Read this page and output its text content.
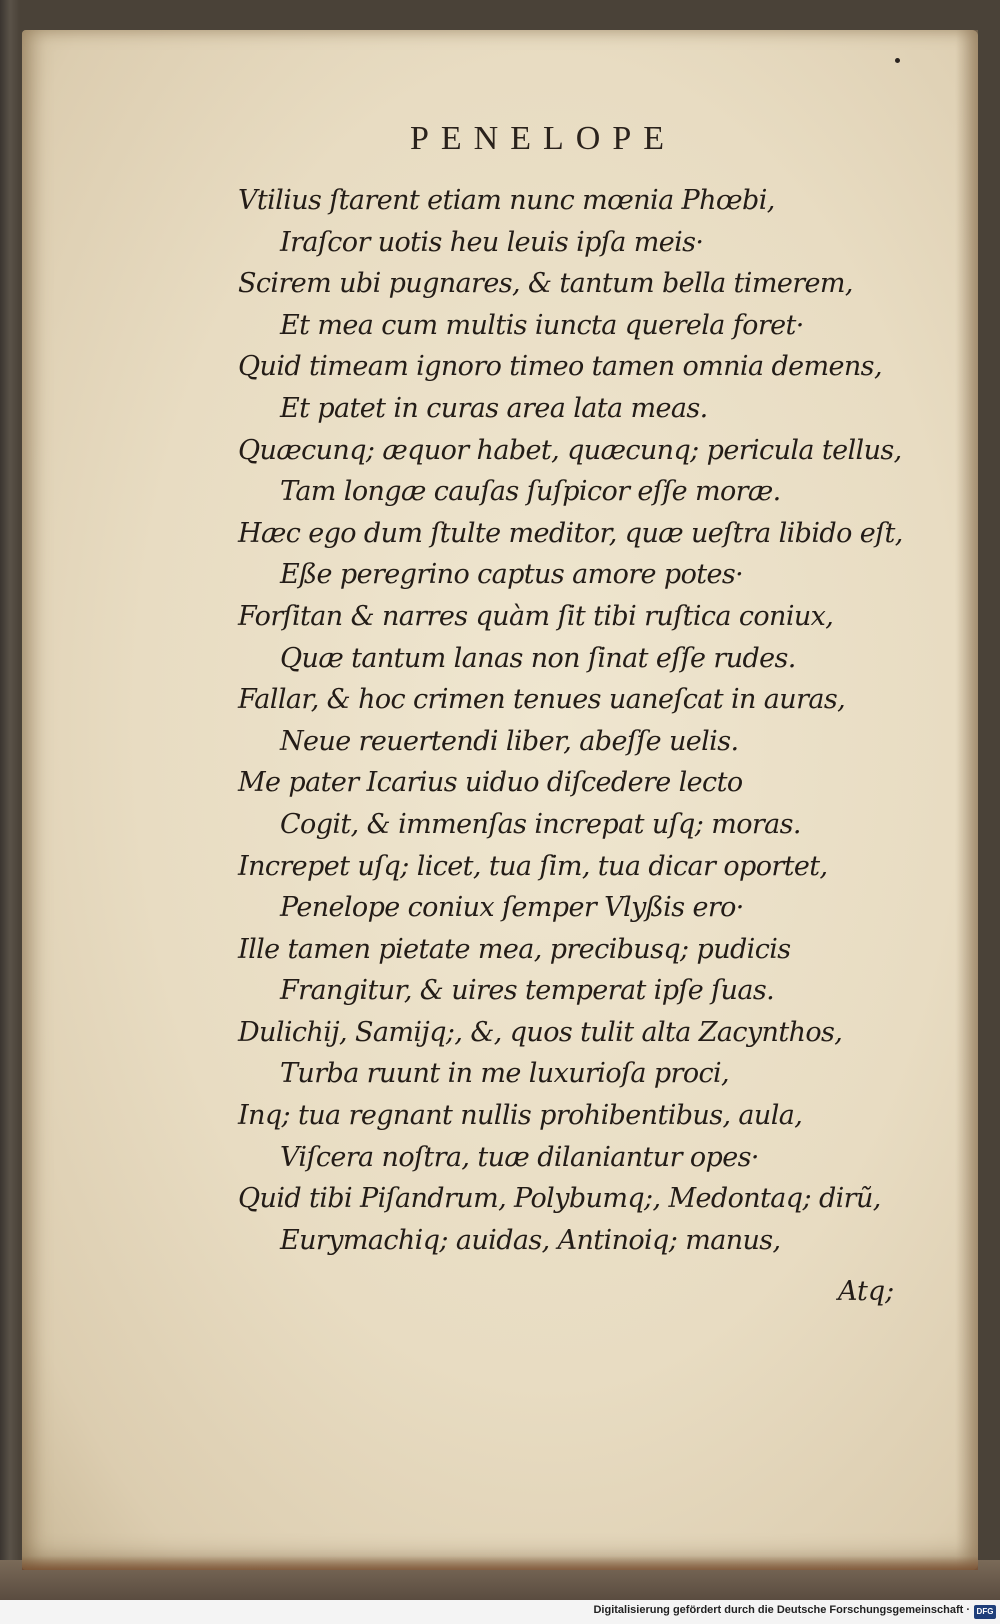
PENELOPE
Vtilius ſtarent etiam nunc mœnia Phœbi,
Iraſcor uotis heu leuis ipſa meis·
Scirem ubi pugnares, & tantum bella timerem,
Et mea cum multis iuncta querela foret·
Quid timeam ignoro timeo tamen omnia demens,
Et patet in curas area lata meas.
Quæcunq; æquor habet, quæcunq; pericula tellus,
Tam longæ cauſas ſuſpicor eſſe moræ.
Hæc ego dum ſtulte meditor, quæ ueſtra libido eſt,
Eßе peregrino captus amore potes·
Forſitan & narres quàm ſit tibi ruſtica coniux,
Quæ tantum lanas non ſinat eſſe rudes.
Fallar, & hoc crimen tenues uaneſcat in auras,
Neue reuertendi liber, abeſſe uelis.
Me pater Icarius uiduo diſcedere lecto
Cogit, & immenſas increpat uſq; moras.
Increpet uſq; licet, tua ſim, tua dicar oportet,
Penelope coniux ſemper Vlyßis ero·
Ille tamen pietate mea, precibusq; pudicis
Frangitur, & uires temperat ipſe ſuas.
Dulichij, Samijq;, &, quos tulit alta Zacynthos,
Turba ruunt in me luxurioſa proci,
Inq; tua regnant nullis prohibentibus, aula,
Viſcera noſtra, tuæ dilaniantur opes·
Quid tibi Piſandrum, Polybumq;, Medontaq; dirũ,
Eurymachiq; auidas, Antinoiq; manus,
Atq;
Digitalisierung gefördert durch die Deutsche Forschungsgemeinschaft · DFG
